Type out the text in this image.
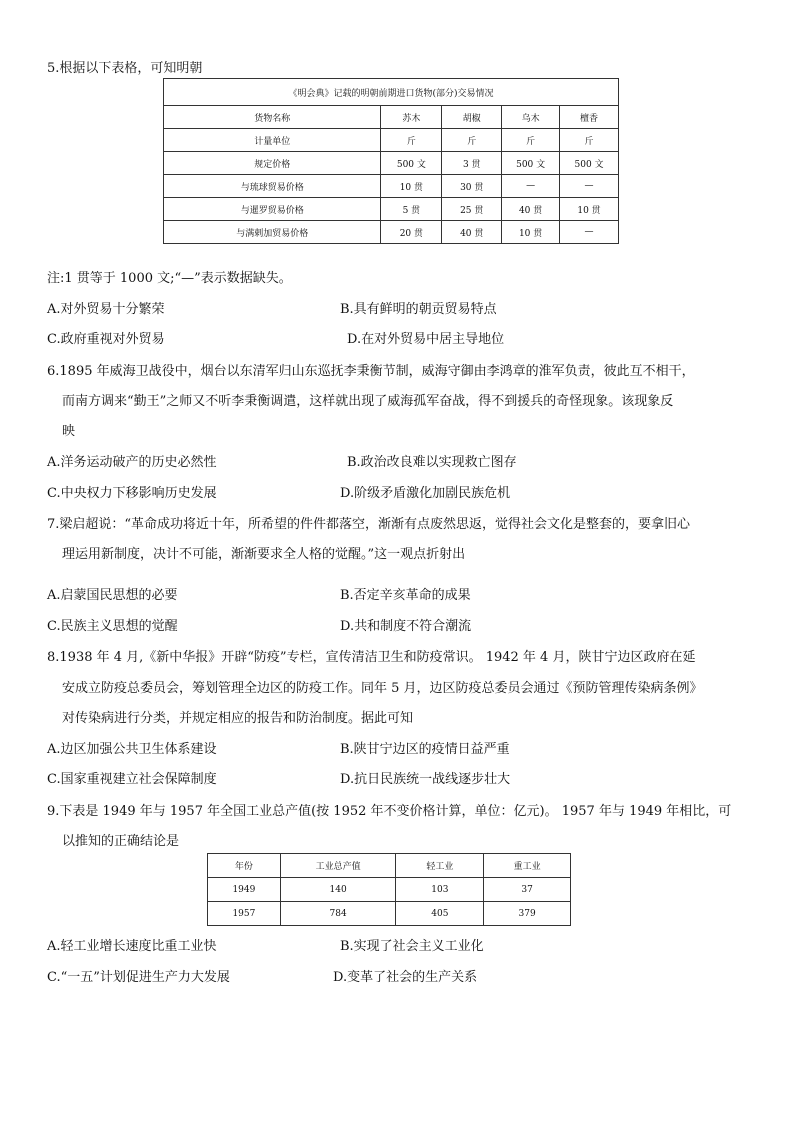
5.根据以下表格，可知明朝
《明会典》记载的明朝前期进口货物(部分)交易情况				
货物名称	苏木	胡椒	乌木	檀香
计量单位	斤	斤	斤	斤
规定价格	500 文	3 贯	500 文	500 文
与琉球贸易价格	10 贯	30 贯	—	—
与暹罗贸易价格	5 贯	25 贯	40 贯	10 贯
与满剌加贸易价格	20 贯	40 贯	10 贯	—
注:1 贯等于 1000 文;“—”表示数据缺失。
A.对外贸易十分繁荣	B.具有鲜明的朝贡贸易特点
C.政府重视对外贸易	D.在对外贸易中居主导地位
6.1895 年威海卫战役中，烟台以东清军归山东巡抚李秉衡节制，威海守御由李鸿章的淮军负责，彼此互不相干，
而南方调来“勤王”之师又不听李秉衡调遣，这样就出现了威海孤军奋战，得不到援兵的奇怪现象。该现象反
映
A.洋务运动破产的历史必然性	B.政治改良难以实现救亡图存
C.中央权力下移影响历史发展	D.阶级矛盾激化加剧民族危机
7.梁启超说：“革命成功将近十年，所希望的件件都落空，渐渐有点废然思返，觉得社会文化是整套的，要拿旧心
理运用新制度，决计不可能，渐渐要求全人格的觉醒。”这一观点折射出
A.启蒙国民思想的必要	B.否定辛亥革命的成果
C.民族主义思想的觉醒	D.共和制度不符合潮流
8.1938 年 4 月,《新中华报》开辟“防疫”专栏，宣传清洁卫生和防疫常识。 1942 年 4 月，陕甘宁边区政府在延
安成立防疫总委员会，筹划管理全边区的防疫工作。同年 5 月，边区防疫总委员会通过《预防管理传染病条例》
对传染病进行分类，并规定相应的报告和防治制度。据此可知
A.边区加强公共卫生体系建设	B.陕甘宁边区的疫情日益严重
C.国家重视建立社会保障制度	D.抗日民族统一战线逐步壮大
9.下表是 1949 年与 1957 年全国工业总产值(按 1952 年不变价格计算，单位：亿元)。 1957 年与 1949 年相比，可
以推知的正确结论是
年份	工业总产值	轻工业	重工业
1949	140	103	37
1957	784	405	379
A.轻工业增长速度比重工业快	B.实现了社会主义工业化
C.“一五”计划促进生产力大发展	D.变革了社会的生产关系
